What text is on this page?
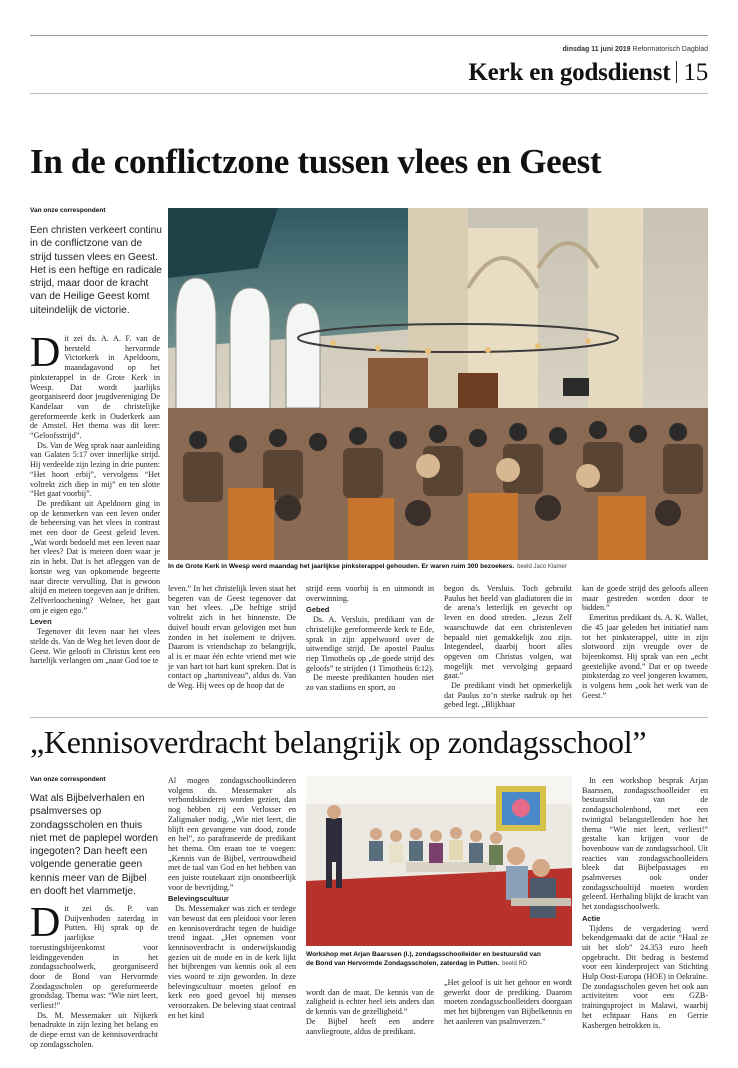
dinsdag 11 juni 2019 Reformatorisch Dagblad
Kerk en godsdienst 15
In de conflictzone tussen vlees en Geest
Van onze correspondent
Een christen verkeert continu in de conflictzone van de strijd tussen vlees en Geest. Het is een heftige en radicale strijd, maar door de kracht van de Heilige Geest komt uiteindelijk de victorie.
In de Grote Kerk in Weesp werd maandag het jaarlijkse pinksterappel gehouden. Er waren ruim 300 bezoekers. beeld Jaco Klamer

Dit zei ds. A. A. F. van de hersteld hervormde Victorkerk in Apeldoorn, maandagavond op het pinksterappel in de Grote Kerk in Weesp. Dat wordt jaarlijks georganiseerd door jeugdvereniging De Kandelaar van de christelijke gereformeerde kerk in Ouderkerk aan de Amstel. Het thema was dit keer: “Geloofsstrijd”.

Ds. Van de Weg sprak naar aanleiding van Galaten 5:17 over innerlijke strijd. Hij verdeelde zijn lezing in drie punten: “Het hoort erbij”, vervolgens “Het voltrekt zich diep in mij” en ten slotte “Het gaat voorbij”.

De predikant uit Apeldoorn ging in op de kenmerken van een leven onder de beheersing van het vlees in contrast met een door de Geest geleid leven. „Wat wordt bedoeld met een leven naar het vlees? Dat is meteen doen waar je zin in hebt. Dat is het afleggen van de kortste weg van opkomende begeerte naar directe vervulling. Dat is gewoon altijd en meteen toegeven aan je driften. Zelfverloochening? Welnee, het gaat om je eigen ego.”

Leven

Tegenover dit leven naar het vlees stelde ds. Van de Weg het leven door de Geest. Wie gelooft in Christus kent een hartelijk verlangen om „naar God toe te

leven.” In het christelijk leven staat het begeren van de Geest tegenover dat van het vlees. „De heftige strijd voltrekt zich in het binnenste. De duivel houdt ervan gelovigen met hun zonden in het isolement te drijven. Daarom is vriendschap zo belangrijk, al is er maar één echte vriend met wie je van hart tot hart kunt spreken. Dat is contact op „hartsniveau”, aldus ds. Van de Weg. Hij wees op de hoop dat de

strijd eens voorbij is en uitmondt in overwinning.

Gebed

Ds. A. Versluis, predikant van de christelijke gereformeerde kerk te Ede, sprak in zijn appelwoord over de uitwendige strijd. De apostel Paulus riep Timotheüs op „de goede strijd des geloofs” te strijden (1 Timotheüs 6:12).

De meeste predikanten houden niet zo van stadions en sport, zo

begon ds. Versluis. Toch gebruikt Paulus het beeld van gladiatoren die in de arena’s letterlijk en gevecht op leven en dood streden. „Jezus Zelf waarschuwde dat een christenleven bepaald niet gemakkelijk zou zijn. Integendeel, daarbij hoort alles opgeven om Christus volgen, wat mogelijk met vervolging gepaard gaat.”

De predikant vindt het opmerkelijk dat Paulus zo’n sterke nadruk op het gebed legt. „Blijkbaar

kan de goede strijd des geloofs alleen maar gestreden worden door te bidden.”

Emeritus predikant ds. A. K. Wallet, die 45 jaar geleden het initiatief nam tot het pinksterappel, uitte in zijn slotwoord zijn vreugde over de bijeenkomst. Hij sprak van een „echt geestelijke avond.” Dat er op tweede pinksterdag zo veel jongeren kwamen, is volgens hem „ook het werk van de Geest.”

„Kennisoverdracht belangrijk op zondagsschool”
Van onze correspondent
Wat als Bijbelverhalen en psalmverses op zondagsscholen en thuis niet met de paplepel worden ingegoten? Dan heeft een volgende generatie geen kennis meer van de Bijbel en dooft het vlammetje.

Dit zei ds. P. van Duijvenboden zaterdag in Putten. Hij sprak op de jaarlijkse toerustingsbijeenkomst voor leidinggevenden in het zondagsschoolwerk, georganiseerd door de Bond van Hervormde Zondagsscholen op gereformeerde grondslag. Thema was: “Wie niet leert, verliest!”

Ds. M. Messemaker uit Nijkerk benadrukte in zijn lezing het belang en de diepe ernst van de kennisoverdracht op zondagsscholen.

Al mogen zondagsschoolkinderen volgens ds. Messemaker als verbondskinderen worden gezien, dan nog hebben zij een Verlosser en Zaligmaker nodig. „Wie niet leert, die blijft een gevangene van dood, zonde en hel”, zo parafraseerde de predikant het thema. Om eraan toe te voegen: „Kennis van de Bijbel, vertrouwdheid met de taal van God en het hebben van een juiste routekaart zijn onontbeerlijk voor de bevrijding.”

Belevingscultuur

Ds. Messemaker was zich er terdege van bewust dat een pleidooi voor leren en kennisoverdracht tegen de huidige trend ingaat. „Het opnemen voor kennisoverdracht is onderwijskundig gezien uit de mode en in de kerk lijkt het bijbrengen van kennis ook al een vies woord te zijn geworden. In deze belevingscultuur moeten geloof en kerk een goed gevoel bij mensen veroorzaken. De beleving staat centraal en het kind

Workshop met Arjan Baarssen (l.), zondagsschoolleider en bestuurslid van
de Bond van Hervormde Zondagsscholen, zaterdag in Putten. beeld RD

wordt dan de maat. De kennis van de zaligheid is echter heel iets anders dan de kennis van de gezelligheid.”
De Bijbel heeft een andere aanvliegroute, aldus de predikant.

„Het geloof is uit het gehoor en wordt gewerkt door de prediking. Daarom moeten zondagsschoolleiders doorgaan met het bijbrengen van Bijbelkennis en het aanleren van psalmverzen.”

In een workshop besprak Arjan Baarssen, zondagsschoolleider en bestuurslid van de zondagsscholenbond, met een twintigtal belangstellenden hoe het thema “Wie niet leert, verliest!” gestalte kan krijgen voor de bovenbouw van de zondagsschool. Uit reacties van zondagsschoolleiders bleek dat Bijbelpassages en psalmverses ook onder zondagsschooltijd moeten worden geleerd. Herhaling blijkt de kracht van het zondagsschoolwerk.

Actie

Tijdens de vergadering werd bekendgemaakt dat de actie “Haal ze uit het slob” 24.353 euro heeft opgebracht. Dit bedrag is bestemd voor een kinderproject van Stichting Hulp Oost-Europa (HOE) in Oekraïne. De zondagsscholen geven het ook aan activiteiten voor een GZB-trainingsproject in Malawi, waarbij het echtpaar Hans en Gerrie Kasbergen betrokken is.
